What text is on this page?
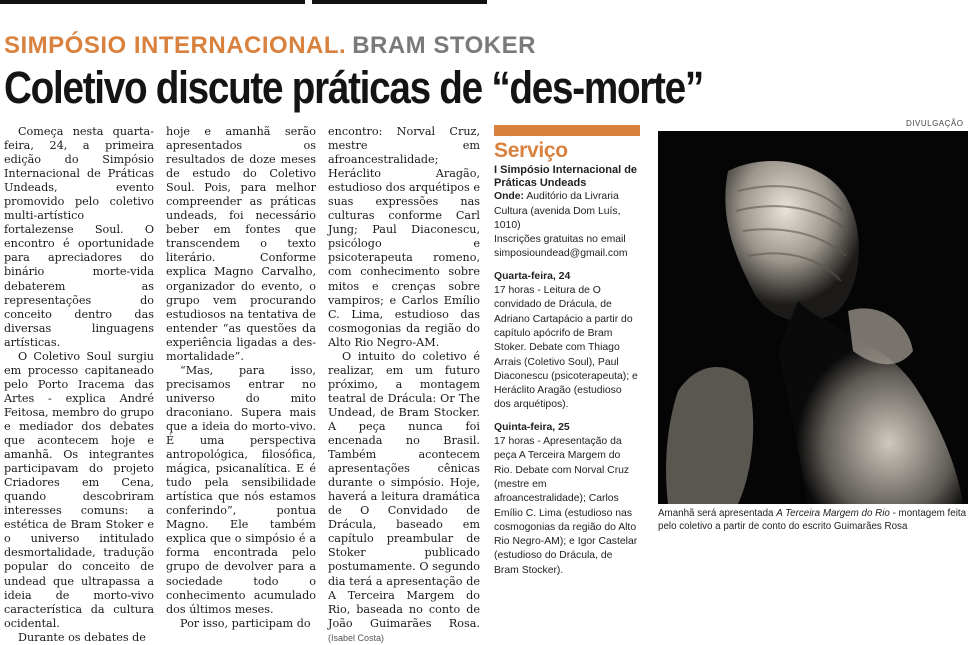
SIMPÓSIO INTERNACIONAL. BRAM STOKER
Coletivo discute práticas de “des-morte”

Começa nesta quarta-feira, 24, a primeira edição do Simpósio Internacional de Práticas Undeads, evento promovido pelo coletivo multi-artístico fortalezense Soul. O encontro é oportunidade para apreciadores do binário morte-vida debaterem as representações do conceito dentro das diversas linguagens artísticas.

O Coletivo Soul surgiu em processo capitaneado pelo Porto Iracema das Artes - explica André Feitosa, membro do grupo e mediador dos debates que acontecem hoje e amanhã. Os integrantes participavam do projeto Criadores em Cena, quando descobriram interesses comuns: a estética de Bram Stoker e o universo intitulado desmortalidade, tradução popular do conceito de undead que ultrapassa a ideia de morto-vivo característica da cultura ocidental.

Durante os debates de

hoje e amanhã serão apresentados os resultados de doze meses de estudo do Coletivo Soul. Pois, para melhor compreender as práticas undeads, foi necessário beber em fontes que transcendem o texto literário. Conforme explica Magno Carvalho, organizador do evento, o grupo vem procurando estudiosos na tentativa de entender “as questões da experiência ligadas a des-mortalidade”.

“Mas, para isso, precisamos entrar no universo do mito draconiano. Supera mais que a ideia do morto-vivo. É uma perspectiva antropológica, filosófica, mágica, psicanalítica. E é tudo pela sensibilidade artística que nós estamos conferindo”, pontua Magno. Ele também explica que o simpósio é a forma encontrada pelo grupo de devolver para a sociedade todo o conhecimento acumulado dos últimos meses.

Por isso, participam do

encontro: Norval Cruz, mestre em afroancestralidade; Heráclito Aragão, estudioso dos arquétipos e suas expressões nas culturas conforme Carl Jung; Paul Diaconescu, psicólogo e psicoterapeuta romeno, com conhecimento sobre mitos e crenças sobre vampiros; e Carlos Emílio C. Lima, estudioso das cosmogonias da região do Alto Rio Negro-AM.

O intuito do coletivo é realizar, em um futuro próximo, a montagem teatral de Drácula: Or The Undead, de Bram Stocker. A peça nunca foi encenada no Brasil. Também acontecem apresentações cênicas durante o simpósio. Hoje, haverá a leitura dramática de O Convidado de Drácula, baseado em capítulo preambular de Stoker publicado postumamente. O segundo dia terá a apresentação de A Terceira Margem do Rio, baseada no conto de João Guimarães Rosa. (Isabel Costa)

Serviço
I Simpósio Internacional de Práticas Undeads

Onde: Auditório da Livraria Cultura (avenida Dom Luís, 1010)

Inscrições gratuitas no email

simposioundead@gmail.com

Quarta-feira, 24

17 horas - Leitura de O convidado de Drácula, de Adriano Cartapácio a partir do capítulo apócrifo de Bram Stoker. Debate com Thiago Arrais (Coletivo Soul), Paul Diaconescu (psicoterapeuta); e Heráclito Aragão (estudioso dos arquétipos).

Quinta-feira, 25

17 horas - Apresentação da peça A Terceira Margem do Rio. Debate com Norval Cruz (mestre em afroancestralidade); Carlos Emílio C. Lima (estudioso nas cosmogonias da região do Alto Rio Negro-AM); e Igor Castelar (estudioso do Drácula, de Bram Stocker).

DIVULGAÇÃO
Amanhã será apresentada A Terceira Margem do Rio - montagem feita pelo coletivo a partir de conto do escrito Guimarães Rosa
